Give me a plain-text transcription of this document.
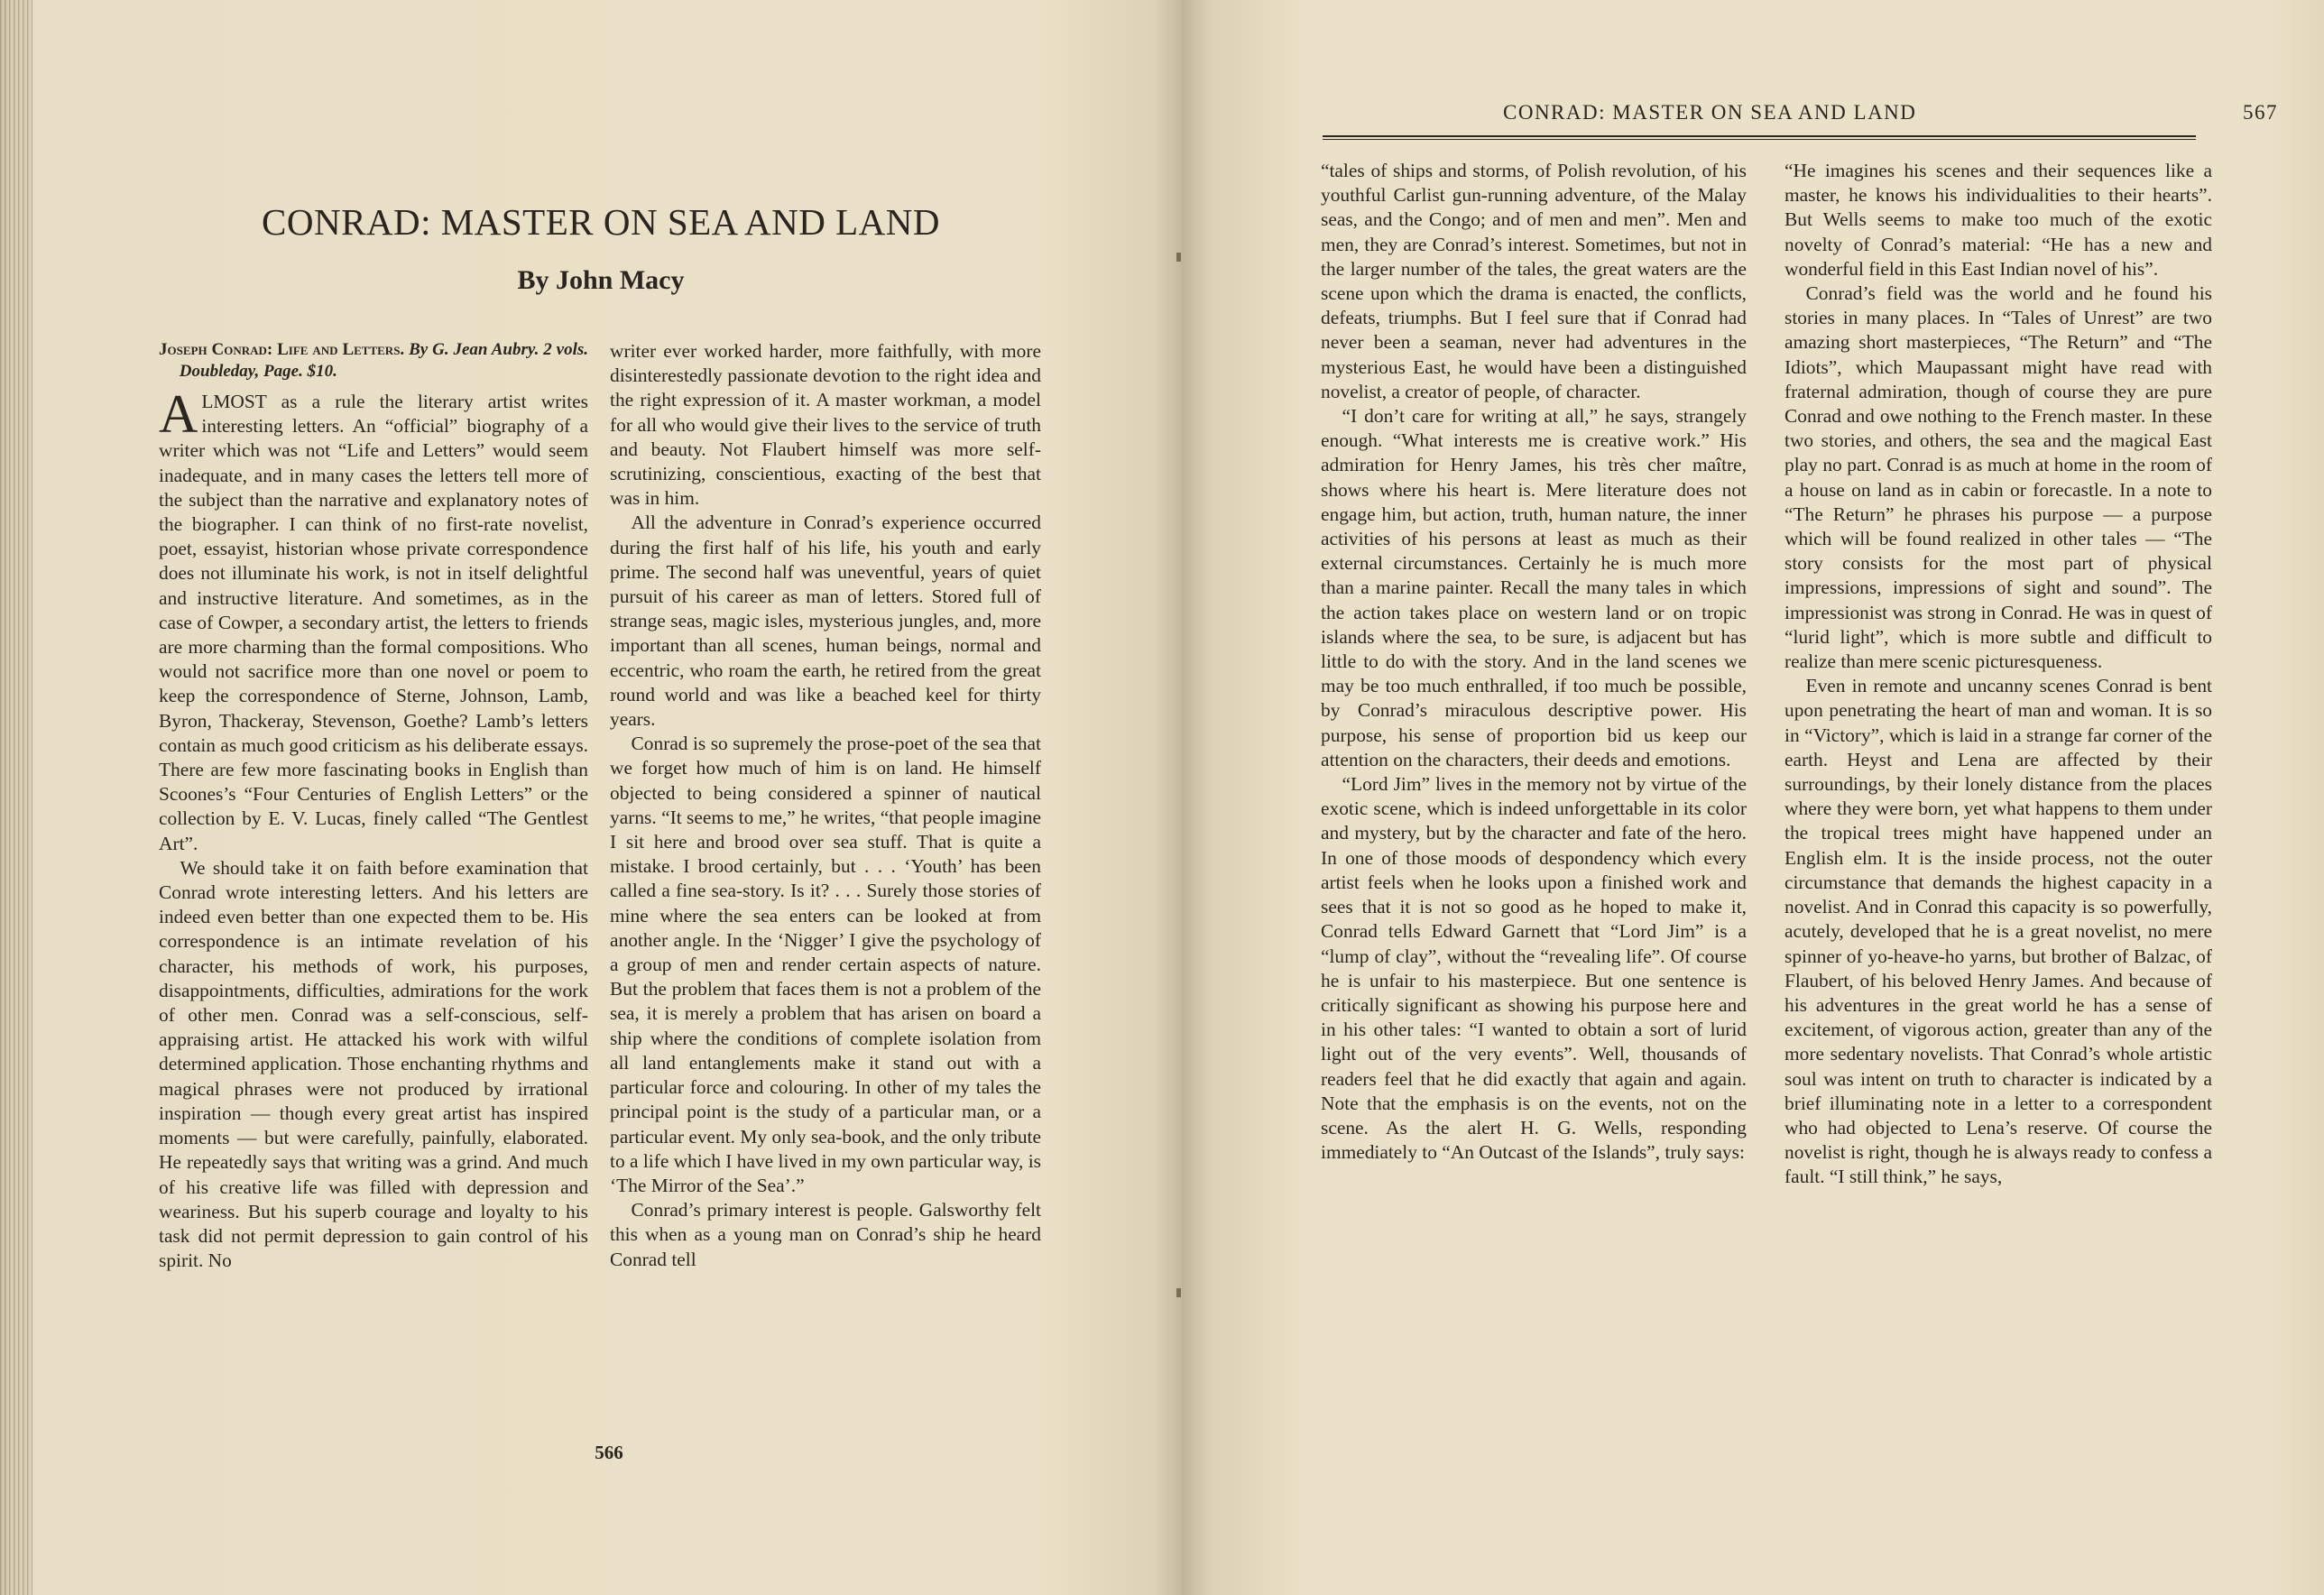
CONRAD: MASTER ON SEA AND LAND
By John Macy
Joseph Conrad: Life and Letters. By G. Jean Aubry. 2 vols. Doubleday, Page. $10.

ALMOST as a rule the literary artist writes interesting letters. An “official” biography of a writer which was not “Life and Letters” would seem inadequate, and in many cases the letters tell more of the subject than the narrative and explanatory notes of the biographer. I can think of no first-rate novelist, poet, essayist, historian whose private correspondence does not illuminate his work, is not in itself delightful and instructive literature. And sometimes, as in the case of Cowper, a secondary artist, the letters to friends are more charming than the formal compositions. Who would not sacrifice more than one novel or poem to keep the correspondence of Sterne, Johnson, Lamb, Byron, Thackeray, Stevenson, Goethe? Lamb’s letters contain as much good criticism as his deliberate essays. There are few more fascinating books in English than Scoones’s “Four Centuries of English Letters” or the collection by E. V. Lucas, finely called “The Gentlest Art”.

We should take it on faith before examination that Conrad wrote interesting letters. And his letters are indeed even better than one expected them to be. His correspondence is an intimate revelation of his character, his methods of work, his purposes, disappointments, difficulties, admirations for the work of other men. Conrad was a self-conscious, self-appraising artist. He attacked his work with wilful determined application. Those enchanting rhythms and magical phrases were not produced by irrational inspiration — though every great artist has inspired moments — but were carefully, painfully, elaborated. He repeatedly says that writing was a grind. And much of his creative life was filled with depression and weariness. But his superb courage and loyalty to his task did not permit depression to gain control of his spirit. No

writer ever worked harder, more faithfully, with more disinterestedly passionate devotion to the right idea and the right expression of it. A master workman, a model for all who would give their lives to the service of truth and beauty. Not Flaubert himself was more self-scrutinizing, conscientious, exacting of the best that was in him.

All the adventure in Conrad’s experience occurred during the first half of his life, his youth and early prime. The second half was uneventful, years of quiet pursuit of his career as man of letters. Stored full of strange seas, magic isles, mysterious jungles, and, more important than all scenes, human beings, normal and eccentric, who roam the earth, he retired from the great round world and was like a beached keel for thirty years.

Conrad is so supremely the prose-poet of the sea that we forget how much of him is on land. He himself objected to being considered a spinner of nautical yarns. “It seems to me,” he writes, “that people imagine I sit here and brood over sea stuff. That is quite a mistake. I brood certainly, but . . . ‘Youth’ has been called a fine sea-story. Is it? . . . Surely those stories of mine where the sea enters can be looked at from another angle. In the ‘Nigger’ I give the psychology of a group of men and render certain aspects of nature. But the problem that faces them is not a problem of the sea, it is merely a problem that has arisen on board a ship where the conditions of complete isolation from all land entanglements make it stand out with a particular force and colouring. In other of my tales the principal point is the study of a particular man, or a particular event. My only sea-book, and the only tribute to a life which I have lived in my own particular way, is ‘The Mirror of the Sea’.”

Conrad’s primary interest is people. Galsworthy felt this when as a young man on Conrad’s ship he heard Conrad tell

566
CONRAD: MASTER ON SEA AND LAND	567

“tales of ships and storms, of Polish revolution, of his youthful Carlist gun-running adventure, of the Malay seas, and the Congo; and of men and men”. Men and men, they are Conrad’s interest. Sometimes, but not in the larger number of the tales, the great waters are the scene upon which the drama is enacted, the conflicts, defeats, triumphs. But I feel sure that if Conrad had never been a seaman, never had adventures in the mysterious East, he would have been a distinguished novelist, a creator of people, of character.

“I don’t care for writing at all,” he says, strangely enough. “What interests me is creative work.” His admiration for Henry James, his très cher maître, shows where his heart is. Mere literature does not engage him, but action, truth, human nature, the inner activities of his persons at least as much as their external circumstances. Certainly he is much more than a marine painter. Recall the many tales in which the action takes place on western land or on tropic islands where the sea, to be sure, is adjacent but has little to do with the story. And in the land scenes we may be too much enthralled, if too much be possible, by Conrad’s miraculous descriptive power. His purpose, his sense of proportion bid us keep our attention on the characters, their deeds and emotions.

“Lord Jim” lives in the memory not by virtue of the exotic scene, which is indeed unforgettable in its color and mystery, but by the character and fate of the hero. In one of those moods of despondency which every artist feels when he looks upon a finished work and sees that it is not so good as he hoped to make it, Conrad tells Edward Garnett that “Lord Jim” is a “lump of clay”, without the “revealing life”. Of course he is unfair to his masterpiece. But one sentence is critically significant as showing his purpose here and in his other tales: “I wanted to obtain a sort of lurid light out of the very events”. Well, thousands of readers feel that he did exactly that again and again. Note that the emphasis is on the events, not on the scene. As the alert H. G. Wells, responding immediately to “An Outcast of the Islands”, truly says:

“He imagines his scenes and their sequences like a master, he knows his individualities to their hearts”. But Wells seems to make too much of the exotic novelty of Conrad’s material: “He has a new and wonderful field in this East Indian novel of his”.

Conrad’s field was the world and he found his stories in many places. In “Tales of Unrest” are two amazing short masterpieces, “The Return” and “The Idiots”, which Maupassant might have read with fraternal admiration, though of course they are pure Conrad and owe nothing to the French master. In these two stories, and others, the sea and the magical East play no part. Conrad is as much at home in the room of a house on land as in cabin or forecastle. In a note to “The Return” he phrases his purpose — a purpose which will be found realized in other tales — “The story consists for the most part of physical impressions, impressions of sight and sound”. The impressionist was strong in Conrad. He was in quest of “lurid light”, which is more subtle and difficult to realize than mere scenic picturesqueness.

Even in remote and uncanny scenes Conrad is bent upon penetrating the heart of man and woman. It is so in “Victory”, which is laid in a strange far corner of the earth. Heyst and Lena are affected by their surroundings, by their lonely distance from the places where they were born, yet what happens to them under the tropical trees might have happened under an English elm. It is the inside process, not the outer circumstance that demands the highest capacity in a novelist. And in Conrad this capacity is so powerfully, acutely, developed that he is a great novelist, no mere spinner of yo-heave-ho yarns, but brother of Balzac, of Flaubert, of his beloved Henry James. And because of his adventures in the great world he has a sense of excitement, of vigorous action, greater than any of the more sedentary novelists. That Conrad’s whole artistic soul was intent on truth to character is indicated by a brief illuminating note in a letter to a correspondent who had objected to Lena’s reserve. Of course the novelist is right, though he is always ready to confess a fault. “I still think,” he says,
